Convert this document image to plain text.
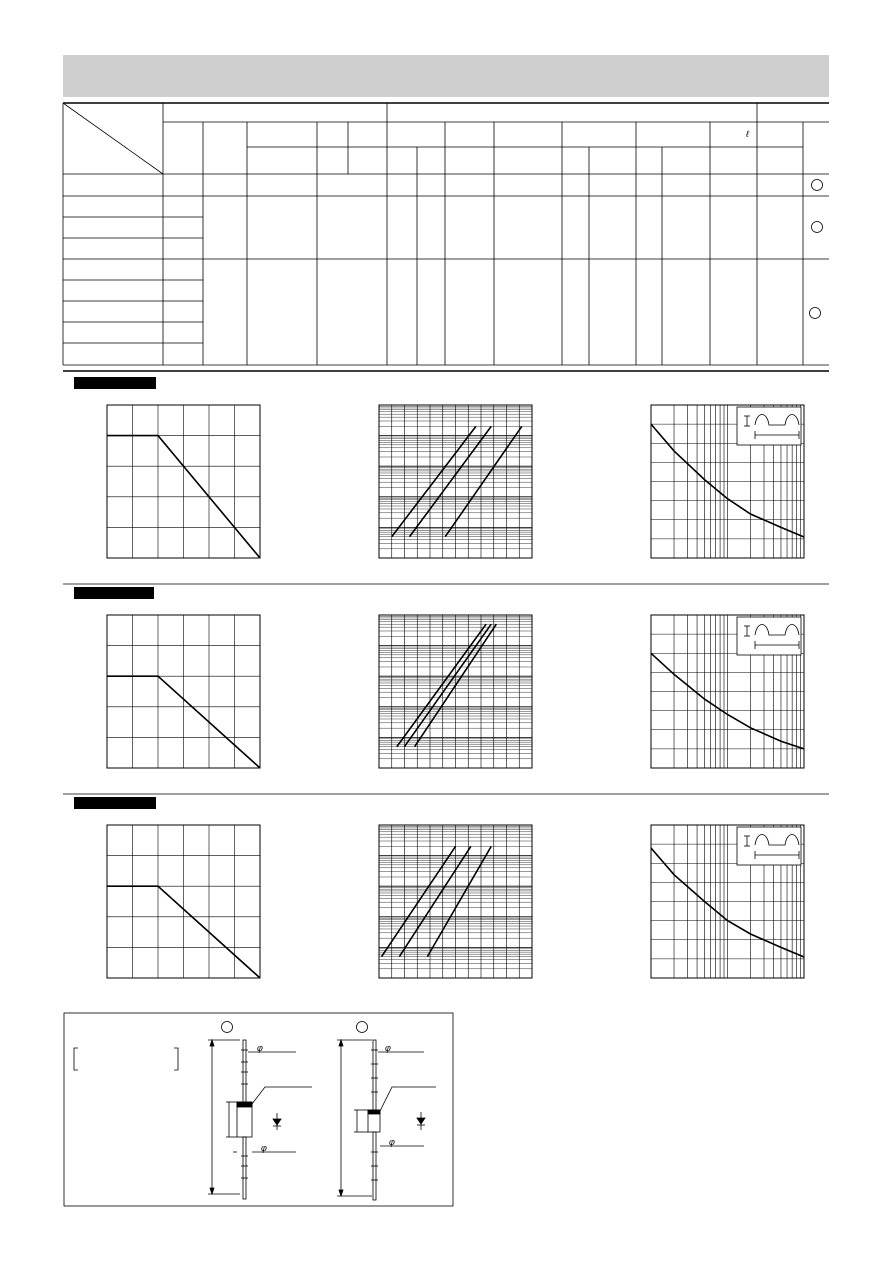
ℓ
φ
φ
φ
φ
